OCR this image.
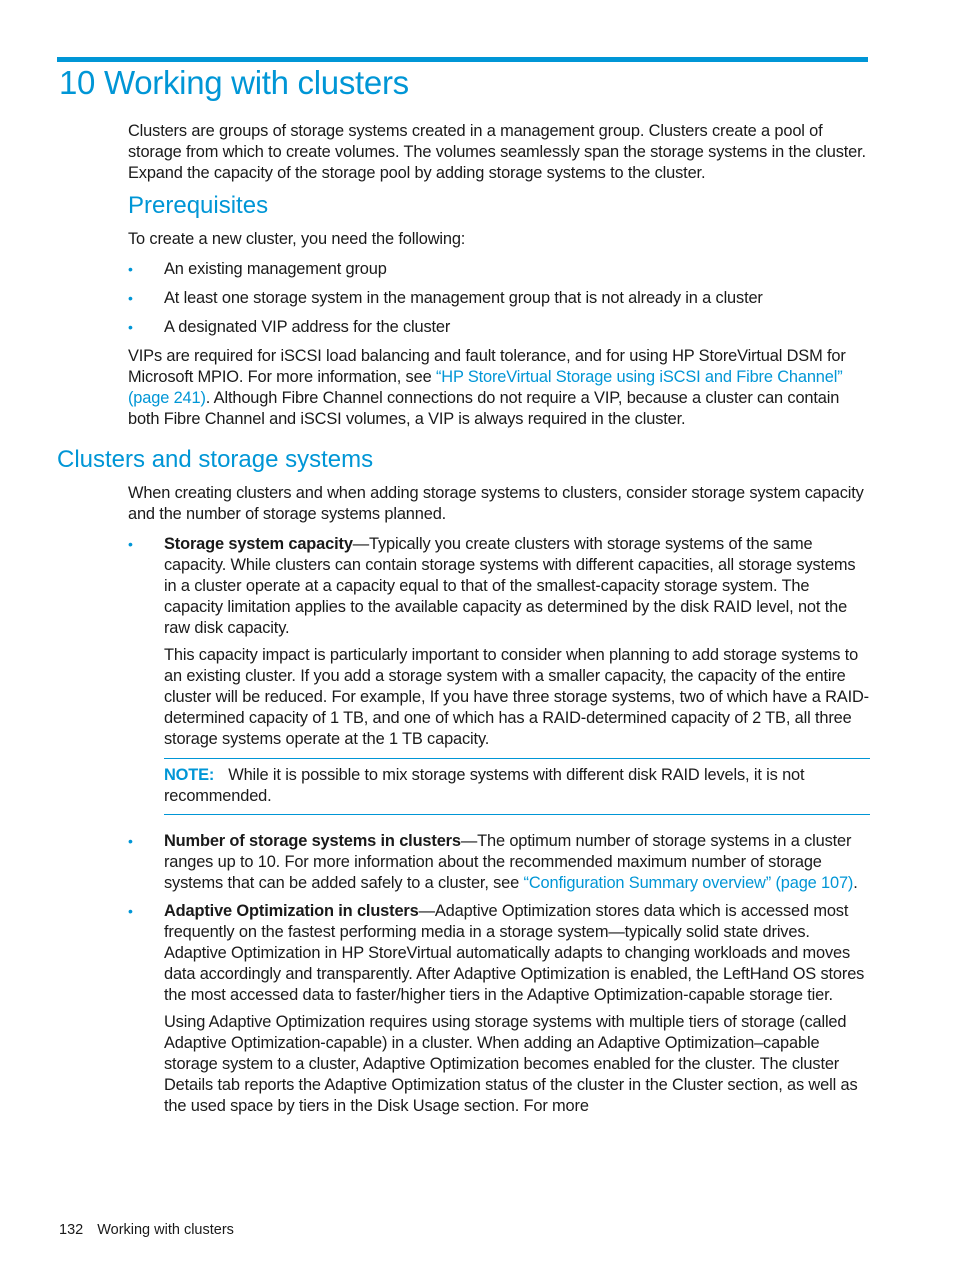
10 Working with clusters

Clusters are groups of storage systems created in a management group. Clusters create a pool of storage from which to create volumes. The volumes seamlessly span the storage systems in the cluster. Expand the capacity of the storage pool by adding storage systems to the cluster.

Prerequisites

To create a new cluster, you need the following:

• An existing management group
• At least one storage system in the management group that is not already in a cluster
• A designated VIP address for the cluster

VIPs are required for iSCSI load balancing and fault tolerance, and for using HP StoreVirtual DSM for Microsoft MPIO. For more information, see “HP StoreVirtual Storage using iSCSI and Fibre Channel” (page 241). Although Fibre Channel connections do not require a VIP, because a cluster can contain both Fibre Channel and iSCSI volumes, a VIP is always required in the cluster.

Clusters and storage systems

When creating clusters and when adding storage systems to clusters, consider storage system capacity and the number of storage systems planned.

• Storage system capacity—Typically you create clusters with storage systems of the same capacity. While clusters can contain storage systems with different capacities, all storage systems in a cluster operate at a capacity equal to that of the smallest-capacity storage system. The capacity limitation applies to the available capacity as determined by the disk RAID level, not the raw disk capacity.

This capacity impact is particularly important to consider when planning to add storage systems to an existing cluster. If you add a storage system with a smaller capacity, the capacity of the entire cluster will be reduced. For example, If you have three storage systems, two of which have a RAID-determined capacity of 1 TB, and one of which has a RAID-determined capacity of 2 TB, all three storage systems operate at the 1 TB capacity.

NOTE: While it is possible to mix storage systems with different disk RAID levels, it is not recommended.

• Number of storage systems in clusters—The optimum number of storage systems in a cluster ranges up to 10. For more information about the recommended maximum number of storage systems that can be added safely to a cluster, see “Configuration Summary overview” (page 107).

• Adaptive Optimization in clusters—Adaptive Optimization stores data which is accessed most frequently on the fastest performing media in a storage system—typically solid state drives. Adaptive Optimization in HP StoreVirtual automatically adapts to changing workloads and moves data accordingly and transparently. After Adaptive Optimization is enabled, the LeftHand OS stores the most accessed data to faster/higher tiers in the Adaptive Optimization-capable storage tier.

Using Adaptive Optimization requires using storage systems with multiple tiers of storage (called Adaptive Optimization-capable) in a cluster. When adding an Adaptive Optimization–capable storage system to a cluster, Adaptive Optimization becomes enabled for the cluster. The cluster Details tab reports the Adaptive Optimization status of the cluster in the Cluster section, as well as the used space by tiers in the Disk Usage section. For more

132 Working with clusters
